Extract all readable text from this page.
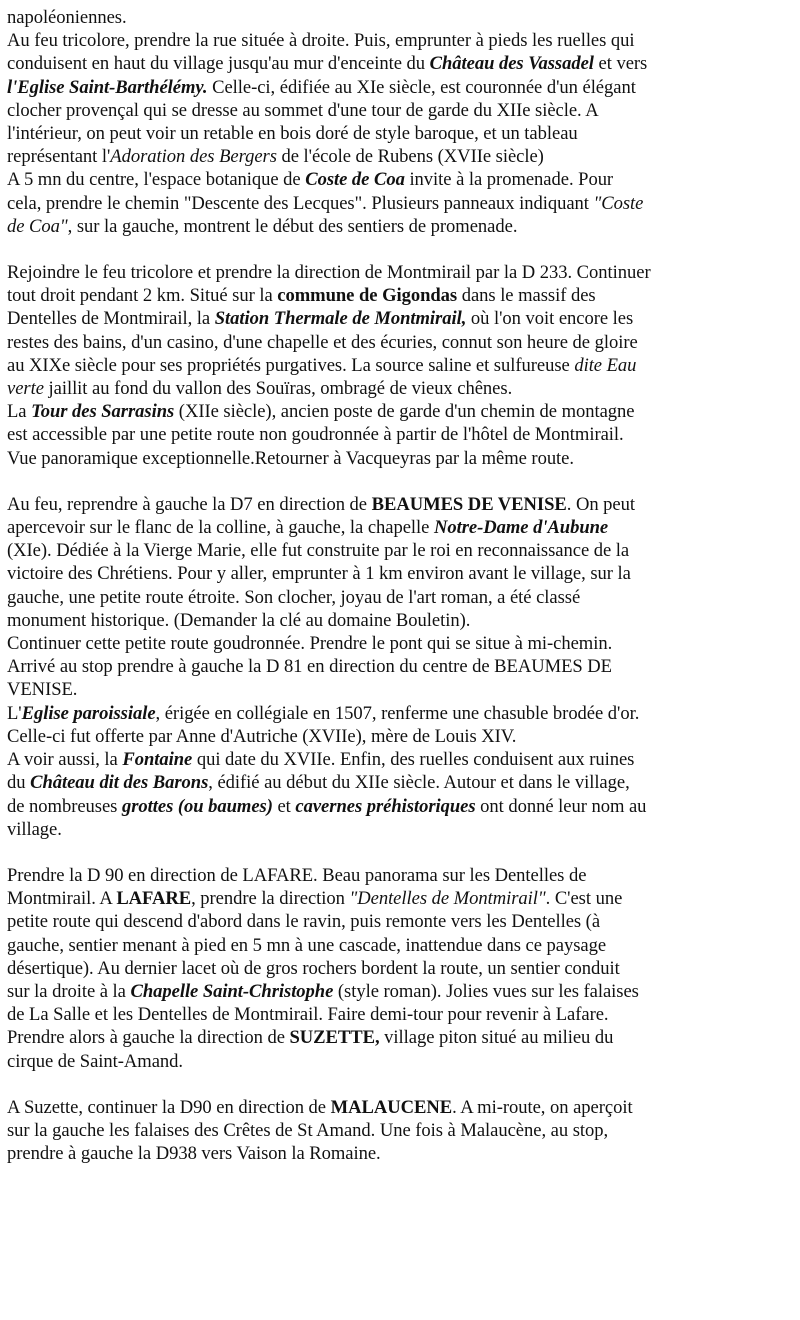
napoléoniennes.
Au feu tricolore, prendre la rue située à droite. Puis, emprunter à pieds les ruelles qui
conduisent en haut du village jusqu'au mur d'enceinte du Château des Vassadel et vers
l'Eglise Saint-Barthélémy. Celle-ci, édifiée au XIe siècle, est couronnée d'un élégant
clocher provençal qui se dresse au sommet d'une tour de garde du XIIe siècle. A
l'intérieur, on peut voir un retable en bois doré de style baroque, et un tableau
représentant l'Adoration des Bergers de l'école de Rubens (XVIIe siècle)
A 5 mn du centre, l'espace botanique de Coste de Coa invite à la promenade. Pour
cela, prendre le chemin "Descente des Lecques". Plusieurs panneaux indiquant "Coste
de Coa", sur la gauche, montrent le début des sentiers de promenade.
Rejoindre le feu tricolore et prendre la direction de Montmirail par la D 233. Continuer
tout droit pendant 2 km. Situé sur la commune de Gigondas dans le massif des
Dentelles de Montmirail, la Station Thermale de Montmirail, où l'on voit encore les
restes des bains, d'un casino, d'une chapelle et des écuries, connut son heure de gloire
au XIXe siècle pour ses propriétés purgatives. La source saline et sulfureuse dite Eau
verte jaillit au fond du vallon des Souïras, ombragé de vieux chênes.
La Tour des Sarrasins (XIIe siècle), ancien poste de garde d'un chemin de montagne
est accessible par une petite route non goudronnée à partir de l'hôtel de Montmirail.
Vue panoramique exceptionnelle.Retourner à Vacqueyras par la même route.
Au feu, reprendre à gauche la D7 en direction de BEAUMES DE VENISE. On peut
apercevoir sur le flanc de la colline, à gauche, la chapelle Notre-Dame d'Aubune
(XIe). Dédiée à la Vierge Marie, elle fut construite par le roi en reconnaissance de la
victoire des Chrétiens. Pour y aller, emprunter à 1 km environ avant le village, sur la
gauche, une petite route étroite. Son clocher, joyau de l'art roman, a été classé
monument historique. (Demander la clé au domaine Bouletin).
Continuer cette petite route goudronnée. Prendre le pont qui se situe à mi-chemin.
Arrivé au stop prendre à gauche la D 81 en direction du centre de BEAUMES DE
VENISE.
L'Eglise paroissiale, érigée en collégiale en 1507, renferme une chasuble brodée d'or.
Celle-ci fut offerte par Anne d'Autriche (XVIIe), mère de Louis XIV.
A voir aussi, la Fontaine qui date du XVIIe. Enfin, des ruelles conduisent aux ruines
du Château dit des Barons, édifié au début du XIIe siècle. Autour et dans le village,
de nombreuses grottes (ou baumes) et cavernes préhistoriques ont donné leur nom au
village.
Prendre la D 90 en direction de LAFARE. Beau panorama sur les Dentelles de
Montmirail. A LAFARE, prendre la direction "Dentelles de Montmirail". C'est une
petite route qui descend d'abord dans le ravin, puis remonte vers les Dentelles (à
gauche, sentier menant à pied en 5 mn à une cascade, inattendue dans ce paysage
désertique). Au dernier lacet où de gros rochers bordent la route, un sentier conduit
sur la droite à la Chapelle Saint-Christophe (style roman). Jolies vues sur les falaises
de La Salle et les Dentelles de Montmirail. Faire demi-tour pour revenir à Lafare.
Prendre alors à gauche la direction de SUZETTE, village piton situé au milieu du
cirque de Saint-Amand.
A Suzette, continuer la D90 en direction de MALAUCENE. A mi-route, on aperçoit
sur la gauche les falaises des Crêtes de St Amand. Une fois à Malaucène, au stop,
prendre à gauche la D938 vers Vaison la Romaine.
